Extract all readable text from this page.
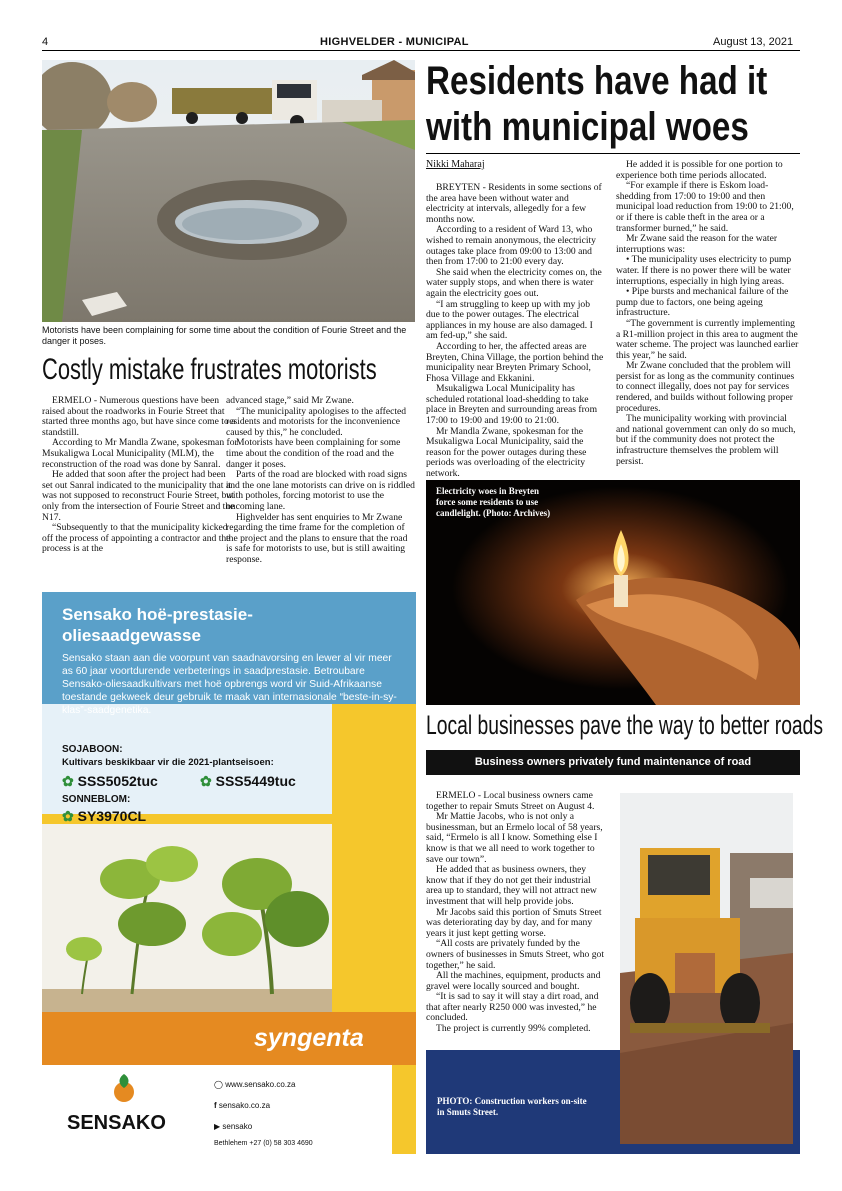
4	HIGHVELDER - MUNICIPAL	August 13, 2021
Motorists have been complaining for some time about the condition of Fourie Street and the danger it poses.
Costly mistake frustrates motorists

ERMELO - Numerous questions have been raised about the roadworks in Fourie Street that started three months ago, but have since come to a standstill.

According to Mr Mandla Zwane, spokesman for Msukaligwa Local Municipality (MLM), the reconstruction of the road was done by Sanral.

He added that soon after the project had been set out Sanral indicated to the municipality that it was not supposed to reconstruct Fourie Street, but only from the intersection of Fourie Street and the N17.

“Subsequently to that the municipality kicked off the process of appointing a contractor and the process is at the

advanced stage,” said Mr Zwane.

“The municipality apologises to the affected residents and motorists for the inconvenience caused by this,” he concluded.

Motorists have been complaining for some time about the condition of the road and the danger it poses.

Parts of the road are blocked with road signs and the one lane motorists can drive on is riddled with potholes, forcing motorist to use the oncoming lane.

Highvelder has sent enquiries to Mr Zwane regarding the time frame for the completion of the project and the plans to ensure that the road is safe for motorists to use, but is still awaiting response.

Residents have had it
with municipal woes
Nikki Maharaj

BREYTEN - Residents in some sections of the area have been without water and electricity at intervals, allegedly for a few months now.

According to a resident of Ward 13, who wished to remain anonymous, the electricity outages take place from 09:00 to 13:00 and then from 17:00 to 21:00 every day.

She said when the electricity comes on, the water supply stops, and when there is water again the electricity goes out.

“I am struggling to keep up with my job due to the power outages. The electrical appliances in my house are also damaged. I am fed-up,” she said.

According to her, the affected areas are Breyten, China Village, the portion behind the municipality near Breyten Primary School, Fhosa Village and Ekkanini.

Msukaligwa Local Municipality has scheduled rotational load-shedding to take place in Breyten and surrounding areas from 17:00 to 19:00 and 19:00 to 21:00.

Mr Mandla Zwane, spokesman for the Msukaligwa Local Municipality, said the reason for the power outages during these periods was overloading of the electricity network.

He added it is possible for one portion to experience both time periods allocated.

“For example if there is Eskom load-shedding from 17:00 to 19:00 and then municipal load reduction from 19:00 to 21:00, or if there is cable theft in the area or a transformer burned,” he said.

Mr Zwane said the reason for the water interruptions was:

• The municipality uses electricity to pump water. If there is no power there will be water interruptions, especially in high lying areas.

• Pipe bursts and mechanical failure of the pump due to factors, one being ageing infrastructure.

“The government is currently implementing a R1-million project in this area to augment the water scheme. The project was launched earlier this year,” he said.

Mr Zwane concluded that the problem will persist for as long as the community continues to connect illegally, does not pay for services rendered, and builds without following proper procedures.

The municipality working with provincial and national government can only do so much, but if the community does not protect the infrastructure themselves the problem will persist.

Electricity woes in Breyten
force some residents to use
candlelight. (Photo: Archives)
Local businesses pave the way to better roads
Business owners privately fund maintenance of road

ERMELO - Local business owners came together to repair Smuts Street on August 4.

Mr Mattie Jacobs, who is not only a businessman, but an Ermelo local of 58 years, said, “Ermelo is all I know. Something else I know is that we all need to work together to save our town”.

He added that as business owners, they know that if they do not get their industrial area up to standard, they will not attract new investment that will help provide jobs.

Mr Jacobs said this portion of Smuts Street was deteriorating day by day, and for many years it just kept getting worse.

“All costs are privately funded by the owners of businesses in Smuts Street, who got together,” he said.

All the machines, equipment, products and gravel were locally sourced and bought.

“It is sad to say it will stay a dirt road, and that after nearly R250 000 was invested,” he concluded.

The project is currently 99% completed.

PHOTO: Construction workers on-site
in Smuts Street.
Sensako hoë-prestasie-
oliesaadgewasse
Sensako staan aan die voorpunt van saadnavorsing en lewer al vir meer as 60 jaar voortdurende verbeterings in saadprestasie. Betroubare Sensako-oliesaadkultivars met hoë opbrengs word vir Suid-Afrikaanse toestande gekweek deur gebruik te maak van internasionale “beste-in-sy-klas”-saadgenetika.
SOJABOON:
Kultivars beskikbaar vir die 2021-plantseisoen:
✿ SSS5052tuc	✿ SSS5449tuc
SONNEBLOM:
✿ SY3970CL
syngenta
SENSAKO
◯ www.sensako.co.za
f sensako.co.za
▶ sensako
Bethlehem +27 (0) 58 303 4690
